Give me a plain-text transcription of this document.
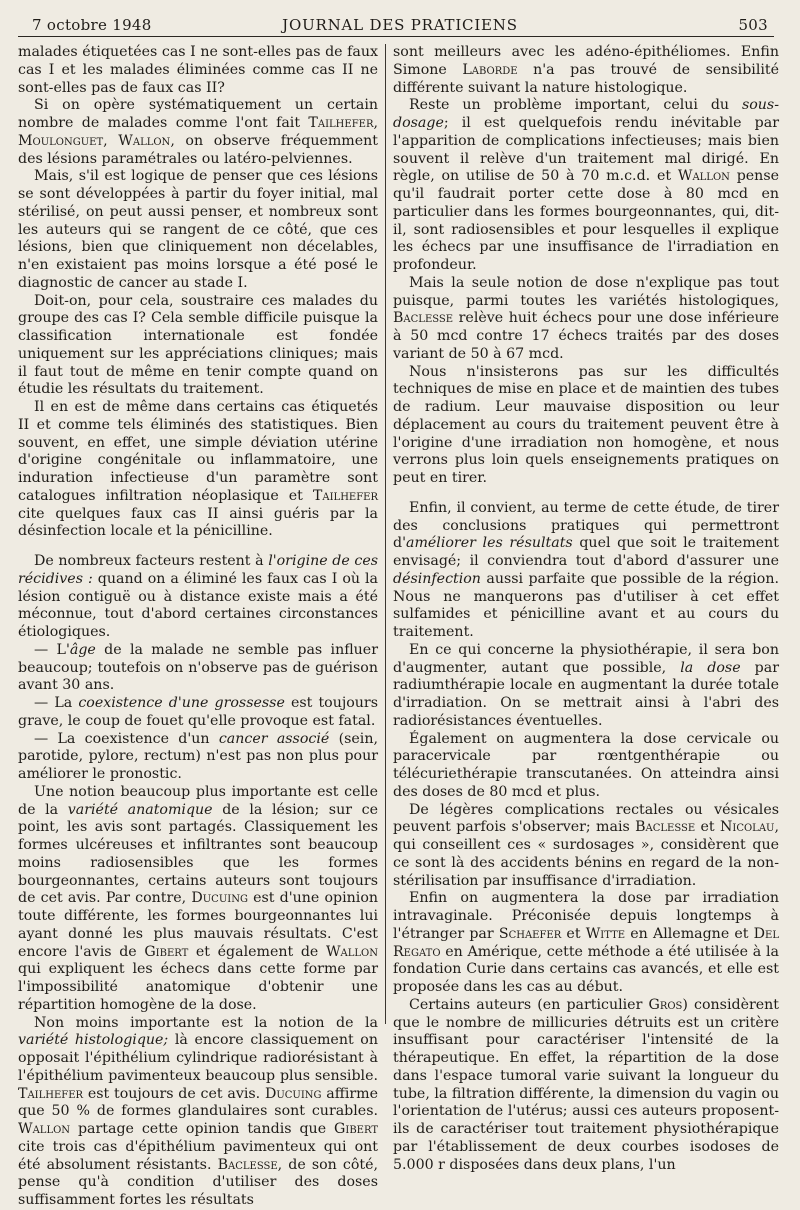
7 octobre 1948	JOURNAL DES PRATICIENS	503

malades étiquetées cas I ne sont-elles pas de faux cas I et les malades éliminées comme cas II ne sont-elles pas de faux cas II?

Si on opère systématiquement un certain nombre de malades comme l'ont fait Tailhefer, Moulonguet, Wallon, on observe fréquemment des lésions paramétrales ou latéro-pelviennes.

Mais, s'il est logique de penser que ces lésions se sont développées à partir du foyer initial, mal stérilisé, on peut aussi penser, et nombreux sont les auteurs qui se rangent de ce côté, que ces lésions, bien que cliniquement non décelables, n'en existaient pas moins lorsque a été posé le diagnostic de cancer au stade I.

Doit-on, pour cela, soustraire ces malades du groupe des cas I? Cela semble difficile puisque la classification internationale est fondée uniquement sur les appréciations cliniques; mais il faut tout de même en tenir compte quand on étudie les résultats du traitement.

Il en est de même dans certains cas étiquetés II et comme tels éliminés des statistiques. Bien souvent, en effet, une simple déviation utérine d'origine congénitale ou inflammatoire, une induration infectieuse d'un paramètre sont catalogues infiltration néoplasique et Tailhefer cite quelques faux cas II ainsi guéris par la désinfection locale et la pénicilline.

De nombreux facteurs restent à l'origine de ces récidives : quand on a éliminé les faux cas I où la lésion contiguë ou à distance existe mais a été méconnue, tout d'abord certaines circonstances étiologiques.

— L'âge de la malade ne semble pas influer beaucoup; toutefois on n'observe pas de guérison avant 30 ans.

— La coexistence d'une grossesse est toujours grave, le coup de fouet qu'elle provoque est fatal.

— La coexistence d'un cancer associé (sein, parotide, pylore, rectum) n'est pas non plus pour améliorer le pronostic.

Une notion beaucoup plus importante est celle de la variété anatomique de la lésion; sur ce point, les avis sont partagés. Classiquement les formes ulcéreuses et infiltrantes sont beaucoup moins radiosensibles que les formes bourgeonnantes, certains auteurs sont toujours de cet avis. Par contre, Ducuing est d'une opinion toute différente, les formes bourgeonnantes lui ayant donné les plus mauvais résultats. C'est encore l'avis de Gibert et également de Wallon qui expliquent les échecs dans cette forme par l'impossibilité anatomique d'obtenir une répartition homogène de la dose.

Non moins importante est la notion de la variété histologique; là encore classiquement on opposait l'épithélium cylindrique radiorésistant à l'épithélium pavimenteux beaucoup plus sensible. Tailhefer est toujours de cet avis. Ducuing affirme que 50 % de formes glandulaires sont curables. Wallon partage cette opinion tandis que Gibert cite trois cas d'épithélium pavimenteux qui ont été absolument résistants. Baclesse, de son côté, pense qu'à condition d'utiliser des doses suffisamment fortes les résultats

sont meilleurs avec les adéno-épithéliomes. Enfin Simone Laborde n'a pas trouvé de sensibilité différente suivant la nature histologique.

Reste un problème important, celui du sous-dosage; il est quelquefois rendu inévitable par l'apparition de complications infectieuses; mais bien souvent il relève d'un traitement mal dirigé. En règle, on utilise de 50 à 70 m.c.d. et Wallon pense qu'il faudrait porter cette dose à 80 mcd en particulier dans les formes bourgeonnantes, qui, dit-il, sont radiosensibles et pour lesquelles il explique les échecs par une insuffisance de l'irradiation en profondeur.

Mais la seule notion de dose n'explique pas tout puisque, parmi toutes les variétés histologiques, Baclesse relève huit échecs pour une dose inférieure à 50 mcd contre 17 échecs traités par des doses variant de 50 à 67 mcd.

Nous n'insisterons pas sur les difficultés techniques de mise en place et de maintien des tubes de radium. Leur mauvaise disposition ou leur déplacement au cours du traitement peuvent être à l'origine d'une irradiation non homogène, et nous verrons plus loin quels enseignements pratiques on peut en tirer.

Enfin, il convient, au terme de cette étude, de tirer des conclusions pratiques qui permettront d'améliorer les résultats quel que soit le traitement envisagé; il conviendra tout d'abord d'assurer une désinfection aussi parfaite que possible de la région. Nous ne manquerons pas d'utiliser à cet effet sulfamides et pénicilline avant et au cours du traitement.

En ce qui concerne la physiothérapie, il sera bon d'augmenter, autant que possible, la dose par radiumthérapie locale en augmentant la durée totale d'irradiation. On se mettrait ainsi à l'abri des radiorésistances éventuelles.

Également on augmentera la dose cervicale ou paracervicale par rœntgenthérapie ou télécuriethérapie transcutanées. On atteindra ainsi des doses de 80 mcd et plus.

De légères complications rectales ou vésicales peuvent parfois s'observer; mais Baclesse et Nicolau, qui conseillent ces « surdosages », considèrent que ce sont là des accidents bénins en regard de la non-stérilisation par insuffisance d'irradiation.

Enfin on augmentera la dose par irradiation intravaginale. Préconisée depuis longtemps à l'étranger par Schaefer et Witte en Allemagne et Del Regato en Amérique, cette méthode a été utilisée à la fondation Curie dans certains cas avancés, et elle est proposée dans les cas au début.

Certains auteurs (en particulier Gros) considèrent que le nombre de millicuries détruits est un critère insuffisant pour caractériser l'intensité de la thérapeutique. En effet, la répartition de la dose dans l'espace tumoral varie suivant la longueur du tube, la filtration différente, la dimension du vagin ou l'orientation de l'utérus; aussi ces auteurs proposent-ils de caractériser tout traitement physiothérapique par l'établissement de deux courbes isodoses de 5.000 r disposées dans deux plans, l'un
